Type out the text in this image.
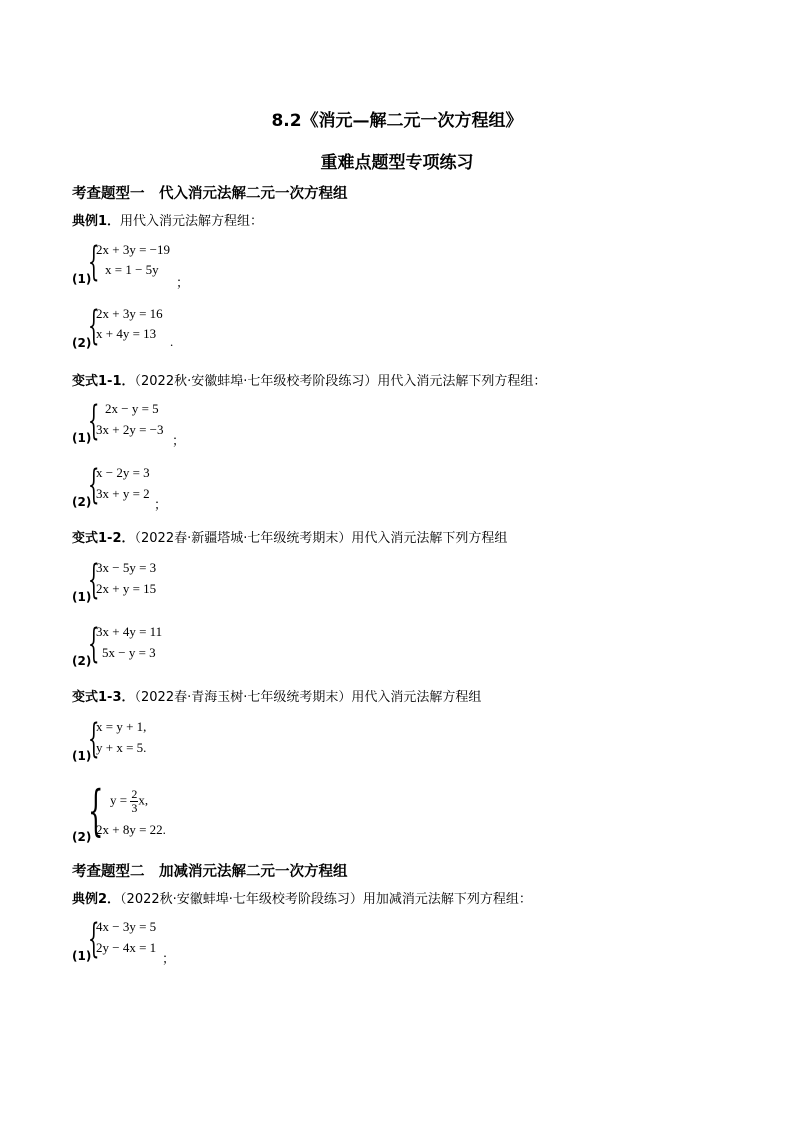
8.2《消元—解二元一次方程组》
重难点题型专项练习
考查题型一　代入消元法解二元一次方程组
典例1．用代入消元法解方程组：
(1)
{
2x + 3y = −19
x = 1 − 5y
；
(2)
{
2x + 3y = 16
x + 4y = 13
.
变式1-1．（2022秋·安徽蚌埠·七年级校考阶段练习）用代入消元法解下列方程组：
(1)
{ 2x − y = 5
3x + 2y = −3
；
(2)
{
x − 2y = 3
3x + y = 2
；
变式1-2．（2022春·新疆塔城·七年级统考期末）用代入消元法解下列方程组
(1)
{
3x − 5y = 3
2x + y = 15
(2)
{
3x + 4y = 11
5x − y = 3
变式1-3．（2022春·青海玉树·七年级统考期末）用代入消元法解方程组
(1)
{
x = y + 1,
y + x = 5.
(2)
{ $y = \frac{2}{3} x$,
2x + 8y = 22.
考查题型二　加减消元法解二元一次方程组
典例2．（2022秋·安徽蚌埠·七年级校考阶段练习）用加减消元法解下列方程组：
(1)
{
4x − 3y = 5
2y − 4x = 1
；
